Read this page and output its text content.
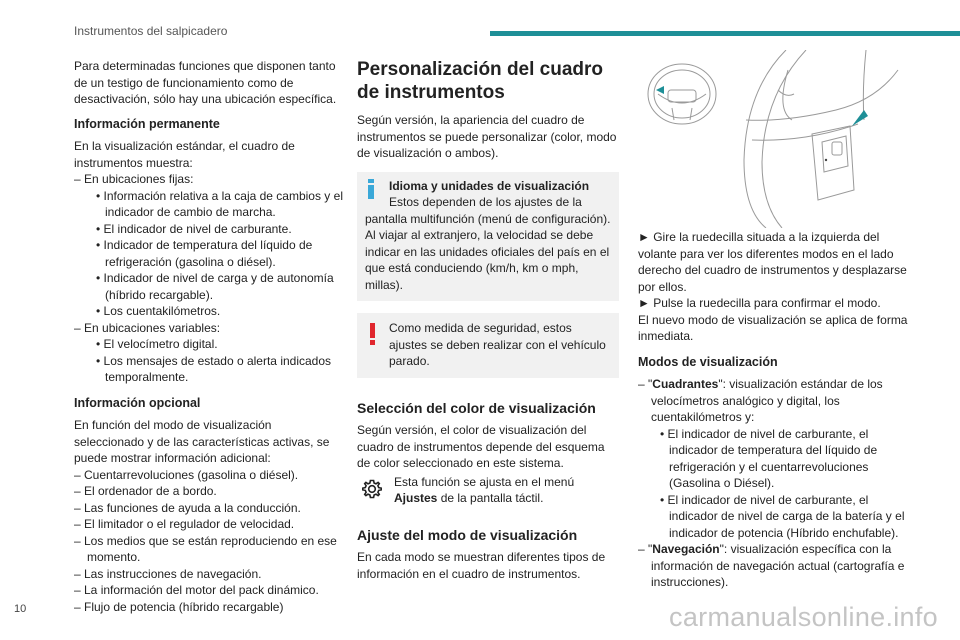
Instrumentos del salpicadero

Para determinadas funciones que disponen tanto de un testigo de funcionamiento como de desactivación, sólo hay una ubicación específica.

Información permanente

En la visualización estándar, el cuadro de instrumentos muestra:

– En ubicaciones fijas:

• Información relativa a la caja de cambios y el indicador de cambio de marcha.

• El indicador de nivel de carburante.

• Indicador de temperatura del líquido de refrigeración (gasolina o diésel).

• Indicador de nivel de carga y de autonomía (híbrido recargable).

• Los cuentakilómetros.

– En ubicaciones variables:

• El velocímetro digital.

• Los mensajes de estado o alerta indicados temporalmente.

Información opcional

En función del modo de visualización seleccionado y de las características activas, se puede mostrar información adicional:

– Cuentarrevoluciones (gasolina o diésel).

– El ordenador de a bordo.

– Las funciones de ayuda a la conducción.

– El limitador o el regulador de velocidad.

– Los medios que se están reproduciendo en ese momento.

– Las instrucciones de navegación.

– La información del motor del pack dinámico.

– Flujo de potencia (híbrido recargable)

Personalización del cuadro de instrumentos

Según versión, la apariencia del cuadro de instrumentos se puede personalizar (color, modo de visualización o ambos).

Idioma y unidades de visualización
Estos dependen de los ajustes de la
pantalla multifunción (menú de configuración). Al viajar al extranjero, la velocidad se debe indicar en las unidades oficiales del país en el que está conduciendo (km/h, km o mph, millas).

Como medida de seguridad, estos ajustes se deben realizar con el vehículo parado.

Selección del color de visualización

Según versión, el color de visualización del cuadro de instrumentos depende del esquema de color seleccionado en este sistema.

Esta función se ajusta en el menú Ajustes de la pantalla táctil.
Ajuste del modo de visualización

En cada modo se muestran diferentes tipos de información en el cuadro de instrumentos.

► Gire la ruedecilla situada a la izquierda del volante para ver los diferentes modos en el lado derecho del cuadro de instrumentos y desplazarse por ellos.

► Pulse la ruedecilla para confirmar el modo.

El nuevo modo de visualización se aplica de forma inmediata.

Modos de visualización

– "Cuadrantes": visualización estándar de los velocímetros analógico y digital, los cuentakilómetros y:

• El indicador de nivel de carburante, el indicador de temperatura del líquido de refrigeración y el cuentarrevoluciones (Gasolina o Diésel).

• El indicador de nivel de carburante, el indicador de nivel de carga de la batería y el indicador de potencia (Híbrido enchufable).

– "Navegación": visualización específica con la información de navegación actual (cartografía e instrucciones).

10	carmanualsonline.info
